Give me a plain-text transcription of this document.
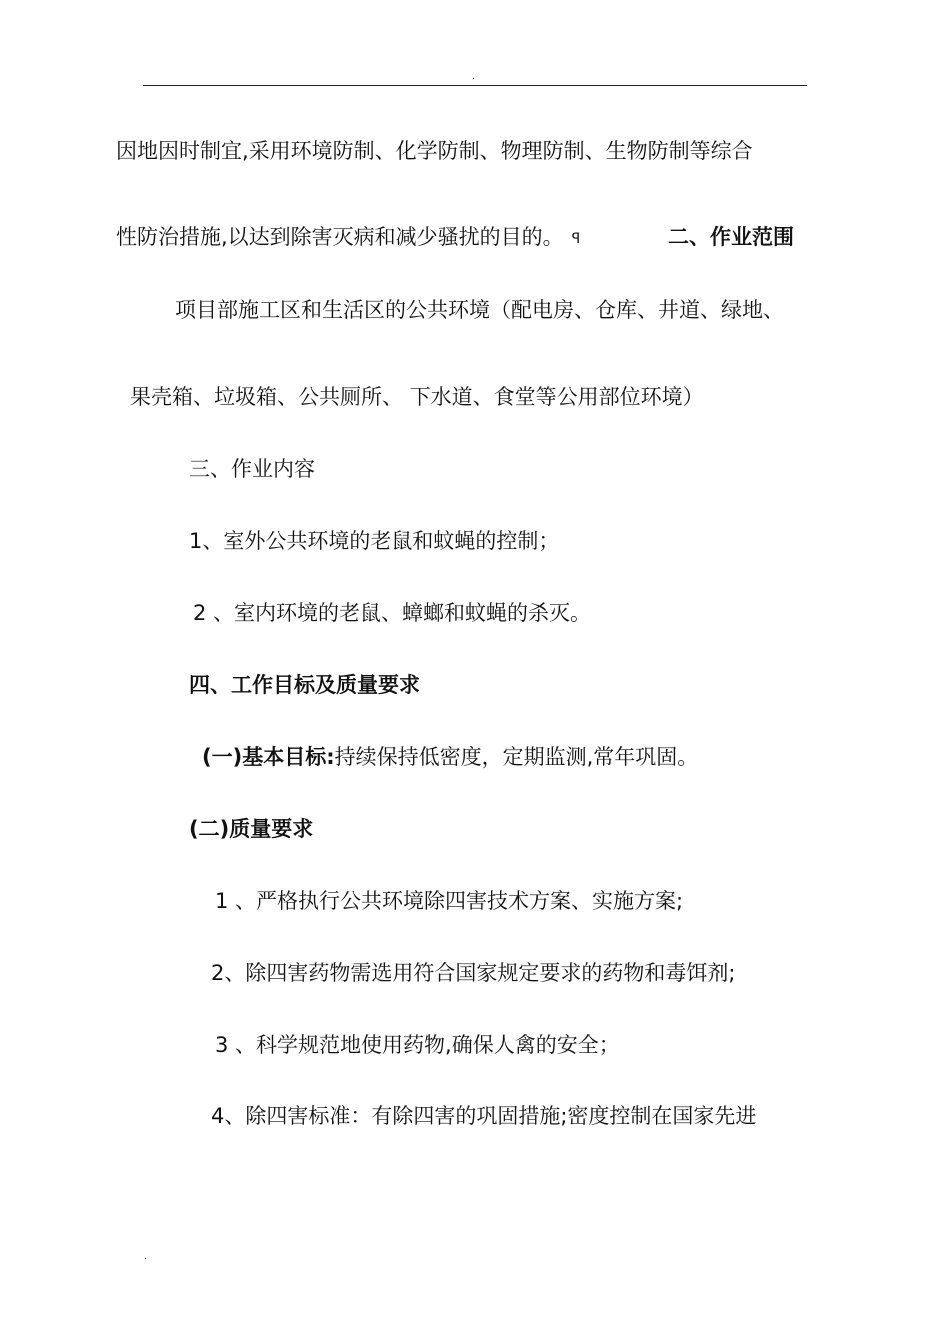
.
因地因时制宜,采用环境防制、化学防制、物理防制、生物防制等综合
性防治措施,以达到除害灭病和减少骚扰的目的。 ꟼ	二、作业范围
项目部施工区和生活区的公共环境（配电房、仓库、井道、绿地、
果壳箱、垃圾箱、公共厕所、 下水道、食堂等公用部位环境）
三、作业内容
1、室外公共环境的老鼠和蚊蝇的控制；
2 、室内环境的老鼠、蟑螂和蚊蝇的杀灭。
四、工作目标及质量要求
(一)基本目标:持续保持低密度，定期监测,常年巩固。
(二)质量要求
1 、严格执行公共环境除四害技术方案、实施方案;
2、除四害药物需选用符合国家规定要求的药物和毒饵剂;
3 、科学规范地使用药物,确保人禽的安全；
4、除四害标准：有除四害的巩固措施;密度控制在国家先进
.
